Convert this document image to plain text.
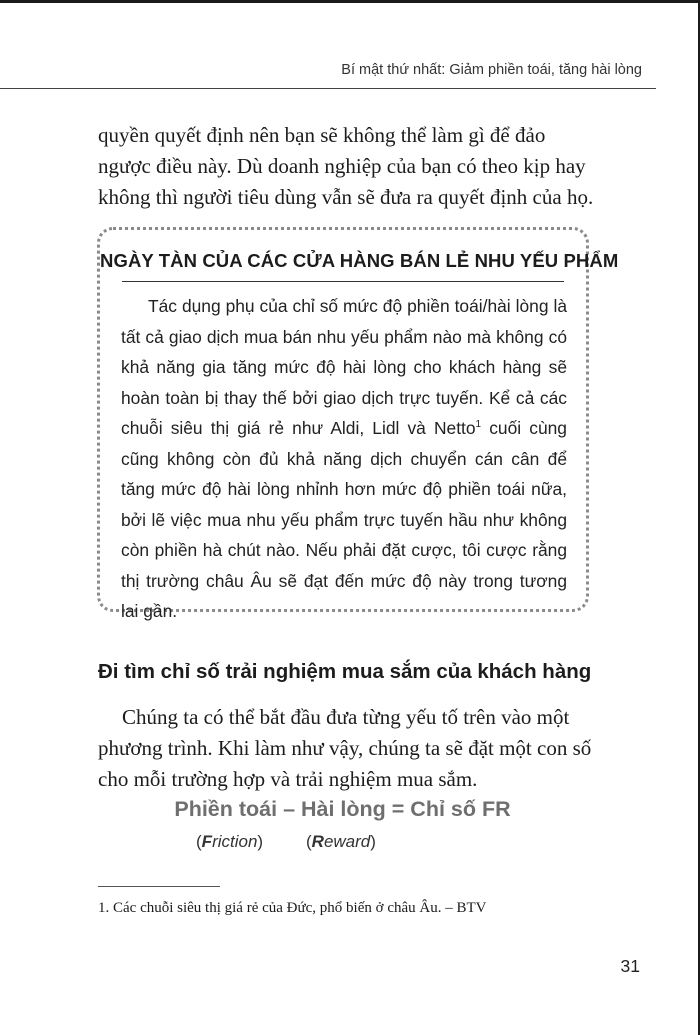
Bí mật thứ nhất: Giảm phiền toái, tăng hài lòng

quyền quyết định nên bạn sẽ không thể làm gì để đảo ngược điều này. Dù doanh nghiệp của bạn có theo kịp hay không thì người tiêu dùng vẫn sẽ đưa ra quyết định của họ.

NGÀY TÀN CỦA CÁC CỬA HÀNG BÁN LẺ NHU YẾU PHẨM

Tác dụng phụ của chỉ số mức độ phiền toái/hài lòng là tất cả giao dịch mua bán nhu yếu phẩm nào mà không có khả năng gia tăng mức độ hài lòng cho khách hàng sẽ hoàn toàn bị thay thế bởi giao dịch trực tuyến. Kể cả các chuỗi siêu thị giá rẻ như Aldi, Lidl và Netto$^1$ cuối cùng cũng không còn đủ khả năng dịch chuyển cán cân để tăng mức độ hài lòng nhỉnh hơn mức độ phiền toái nữa, bởi lẽ việc mua nhu yếu phẩm trực tuyến hầu như không còn phiền hà chút nào. Nếu phải đặt cược, tôi cược rằng thị trường châu Âu sẽ đạt đến mức độ này trong tương lai gần.

Đi tìm chỉ số trải nghiệm mua sắm của khách hàng

Chúng ta có thể bắt đầu đưa từng yếu tố trên vào một phương trình. Khi làm như vậy, chúng ta sẽ đặt một con số cho mỗi trường hợp và trải nghiệm mua sắm.

Phiền toái – Hài lòng = Chỉ số FR
(Friction)	(Reward)

1. Các chuỗi siêu thị giá rẻ của Đức, phổ biến ở châu Âu. – BTV

31
